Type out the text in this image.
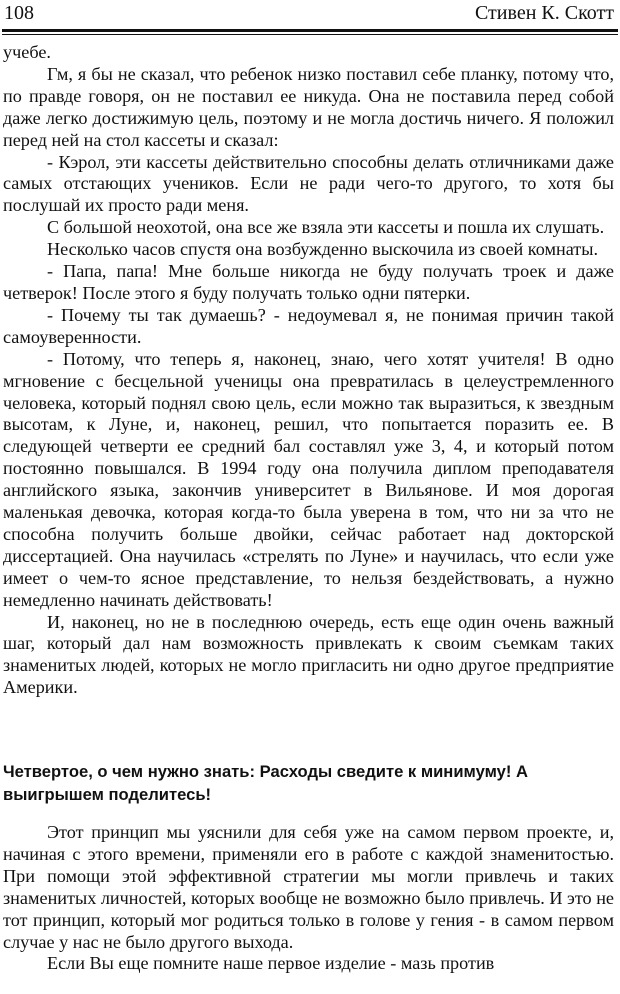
108	Стивен К. Скотт

учебе.

Гм, я бы не сказал, что ребенок низко поставил себе планку, потому что, по правде говоря, он не поставил ее никуда. Она не поставила перед собой даже легко достижимую цель, поэтому и не могла достичь ничего. Я положил перед ней на стол кассеты и сказал:

- Кэрол, эти кассеты действительно способны делать отличниками даже самых отстающих учеников. Если не ради чего-то другого, то хотя бы послушай их просто ради меня.

С большой неохотой, она все же взяла эти кассеты и пошла их слушать.

Несколько часов спустя она возбужденно выскочила из своей комнаты.

- Папа, папа! Мне больше никогда не буду получать троек и даже четверок! После этого я буду получать только одни пятерки.

- Почему ты так думаешь? - недоумевал я, не понимая причин такой самоуверенности.

- Потому, что теперь я, наконец, знаю, чего хотят учителя! В одно мгновение с бесцельной ученицы она превратилась в целеустремленного человека, который поднял свою цель, если можно так выразиться, к звездным высотам, к Луне, и, наконец, решил, что попытается поразить ее. В следующей четверти ее средний бал составлял уже 3, 4, и который потом постоянно повышался. В 1994 году она получила диплом преподавателя английского языка, закончив университет в Вильянове. И моя дорогая маленькая девочка, которая когда-то была уверена в том, что ни за что не способна получить больше двойки, сейчас работает над докторской диссертацией. Она научилась «стрелять по Луне» и научилась, что если уже имеет о чем-то ясное представление, то нельзя бездействовать, а нужно немедленно начинать действовать!

И, наконец, но не в последнюю очередь, есть еще один очень важный шаг, который дал нам возможность привлекать к своим съемкам таких знаменитых людей, которых не могло пригласить ни одно другое предприятие Америки.

Четвертое, о чем нужно знать: Расходы сведите к минимуму! А выигрышем поделитесь!

Этот принцип мы уяснили для себя уже на самом первом проекте, и, начиная с этого времени, применяли его в работе с каждой знаменитостью. При помощи этой эффективной стратегии мы могли привлечь и таких знаменитых личностей, которых вообще не возможно было привлечь. И это не тот принцип, который мог родиться только в голове у гения - в самом первом случае у нас не было другого выхода.

Если Вы еще помните наше первое изделие - мазь против
